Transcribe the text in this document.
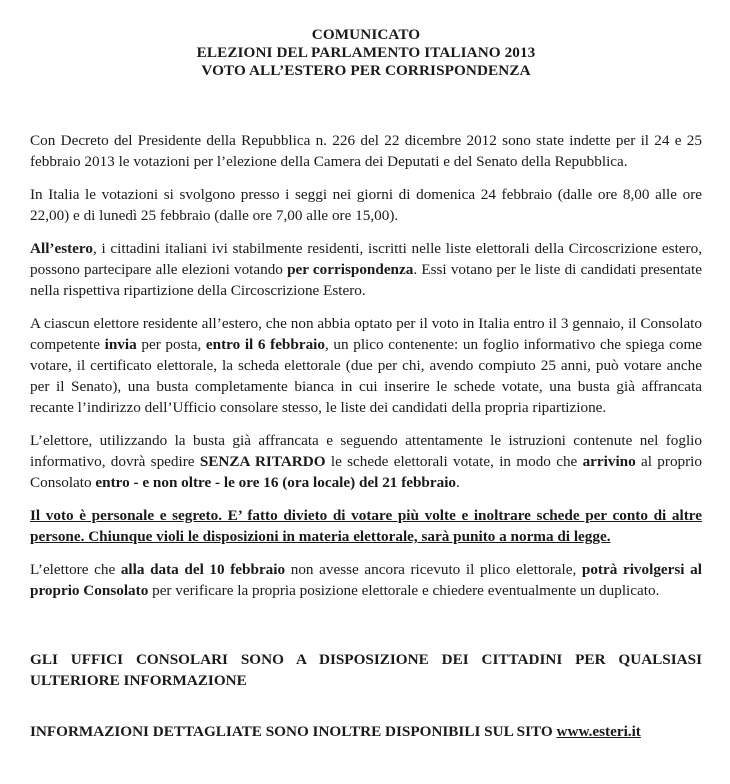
COMUNICATO
ELEZIONI DEL PARLAMENTO ITALIANO 2013
VOTO ALL’ESTERO PER CORRISPONDENZA

Con Decreto del Presidente della Repubblica n. 226 del 22 dicembre 2012 sono state indette per il 24 e 25 febbraio 2013 le votazioni per l’elezione della Camera dei Deputati e del Senato della Repubblica.

In Italia le votazioni si svolgono presso i seggi nei giorni di domenica 24 febbraio (dalle ore 8,00 alle ore 22,00) e di lunedì 25 febbraio (dalle ore 7,00 alle ore 15,00).

All’estero, i cittadini italiani ivi stabilmente residenti, iscritti nelle liste elettorali della Circoscrizione estero, possono partecipare alle elezioni votando per corrispondenza. Essi votano per le liste di candidati presentate nella rispettiva ripartizione della Circoscrizione Estero.

A ciascun elettore residente all’estero, che non abbia optato per il voto in Italia entro il 3 gennaio, il Consolato competente invia per posta, entro il 6 febbraio, un plico contenente: un foglio informativo che spiega come votare, il certificato elettorale, la scheda elettorale (due per chi, avendo compiuto 25 anni, può votare anche per il Senato), una busta completamente bianca in cui inserire le schede votate, una busta già affrancata recante l’indirizzo dell’Ufficio consolare stesso, le liste dei candidati della propria ripartizione.

L’elettore, utilizzando la busta già affrancata e seguendo attentamente le istruzioni contenute nel foglio informativo, dovrà spedire SENZA RITARDO le schede elettorali votate, in modo che arrivino al proprio Consolato entro - e non oltre - le ore 16 (ora locale) del 21 febbraio.

Il voto è personale e segreto. E’ fatto divieto di votare più volte e inoltrare schede per conto di altre persone. Chiunque violi le disposizioni in materia elettorale, sarà punito a norma di legge.

L’elettore che alla data del 10 febbraio non avesse ancora ricevuto il plico elettorale, potrà rivolgersi al proprio Consolato per verificare la propria posizione elettorale e chiedere eventualmente un duplicato.

GLI UFFICI CONSOLARI SONO A DISPOSIZIONE DEI CITTADINI PER QUALSIASI ULTERIORE INFORMAZIONE
INFORMAZIONI DETTAGLIATE SONO INOLTRE DISPONIBILI SUL SITO www.esteri.it
